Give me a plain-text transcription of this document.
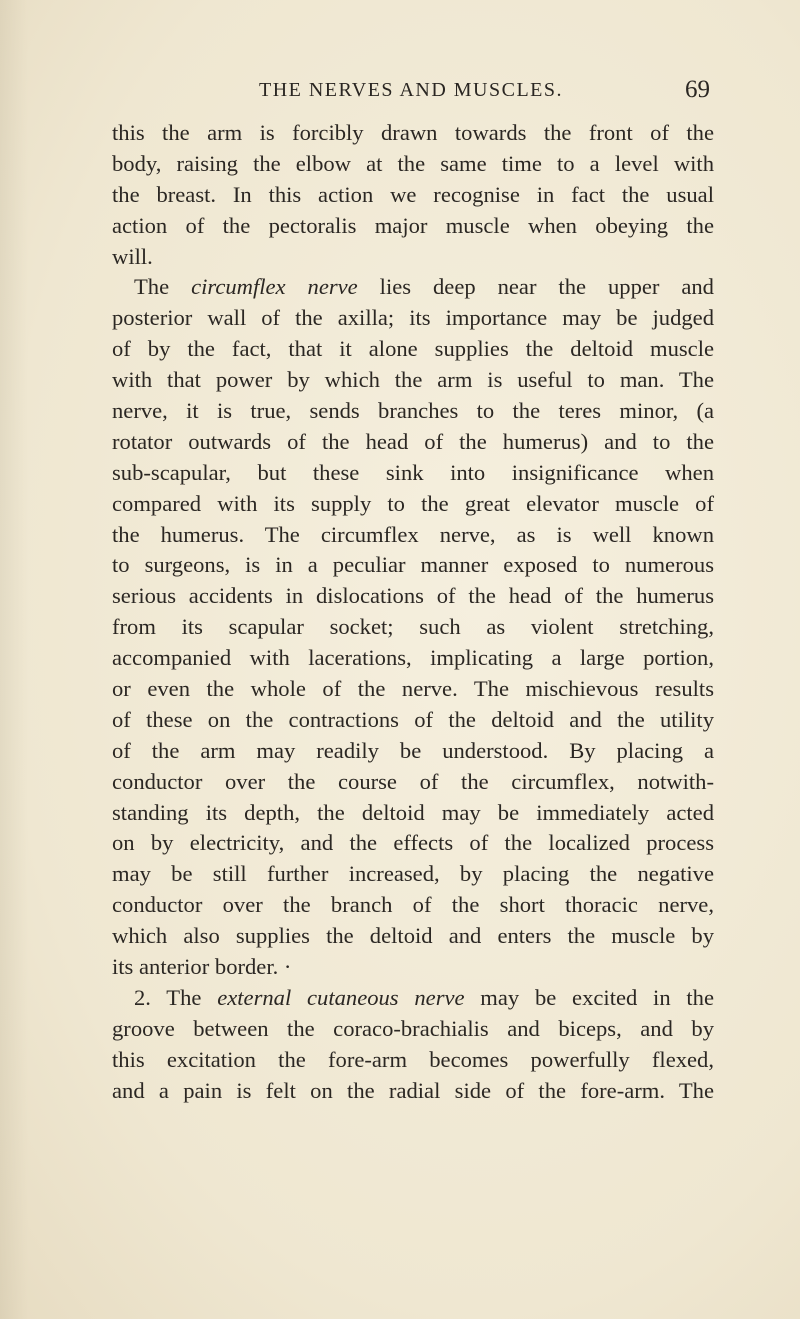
THE NERVES AND MUSCLES.	69
this the arm is forcibly drawn towards the front of the
body, raising the elbow at the same time to a level with
the breast. In this action we recognise in fact the usual
action of the pectoralis major muscle when obeying the
will.
The circumflex nerve lies deep near the upper and
posterior wall of the axilla; its importance may be judged
of by the fact, that it alone supplies the deltoid muscle
with that power by which the arm is useful to man. The
nerve, it is true, sends branches to the teres minor, (a
rotator outwards of the head of the humerus) and to the
sub-scapular, but these sink into insignificance when
compared with its supply to the great elevator muscle of
the humerus. The circumflex nerve, as is well known
to surgeons, is in a peculiar manner exposed to numerous
serious accidents in dislocations of the head of the humerus
from its scapular socket; such as violent stretching,
accompanied with lacerations, implicating a large portion,
or even the whole of the nerve. The mischievous results
of these on the contractions of the deltoid and the utility
of the arm may readily be understood. By placing a
conductor over the course of the circumflex, notwith-
standing its depth, the deltoid may be immediately acted
on by electricity, and the effects of the localized process
may be still further increased, by placing the negative
conductor over the branch of the short thoracic nerve,
which also supplies the deltoid and enters the muscle by
its anterior border. ·
2. The external cutaneous nerve may be excited in the
groove between the coraco-brachialis and biceps, and by
this excitation the fore-arm becomes powerfully flexed,
and a pain is felt on the radial side of the fore-arm. The
